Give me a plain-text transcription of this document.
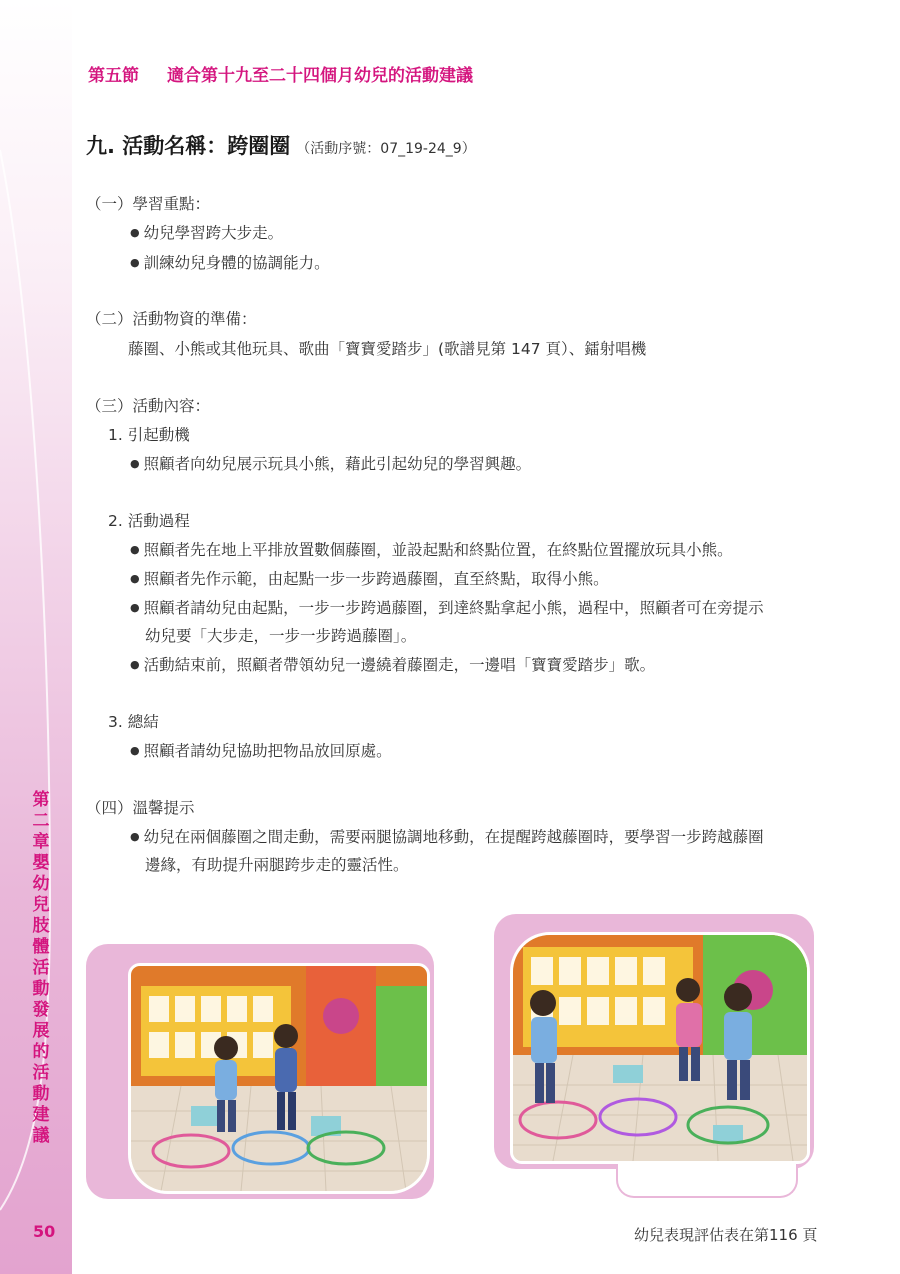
第二章 嬰幼兒肢體活動發展的活動建議
50
第五節 適合第十九至二十四個月幼兒的活動建議
九. 活動名稱：跨圈圈 （活動序號：07_19-24_9）
（一）學習重點：
● 幼兒學習跨大步走。
● 訓練幼兒身體的協調能力。
（二）活動物資的準備：
藤圈、小熊或其他玩具、歌曲「寶寶愛踏步」(歌譜見第 147 頁）、鐳射唱機
（三）活動內容：
1. 引起動機
● 照顧者向幼兒展示玩具小熊，藉此引起幼兒的學習興趣。
2. 活動過程
● 照顧者先在地上平排放置數個藤圈，並設起點和終點位置，在終點位置擺放玩具小熊。
● 照顧者先作示範，由起點一步一步跨過藤圈，直至終點，取得小熊。
● 照顧者請幼兒由起點，一步一步跨過藤圈，到達終點拿起小熊，過程中，照顧者可在旁提示
幼兒要「大步走，一步一步跨過藤圈」。
● 活動結束前，照顧者帶領幼兒一邊繞着藤圈走，一邊唱「寶寶愛踏步」歌。
3. 總結
● 照顧者請幼兒協助把物品放回原處。
（四）溫馨提示
● 幼兒在兩個藤圈之間走動，需要兩腿協調地移動，在提醒跨越藤圈時，要學習一步跨越藤圈
邊緣，有助提升兩腿跨步走的靈活性。
幼兒表現評估表在第116 頁
